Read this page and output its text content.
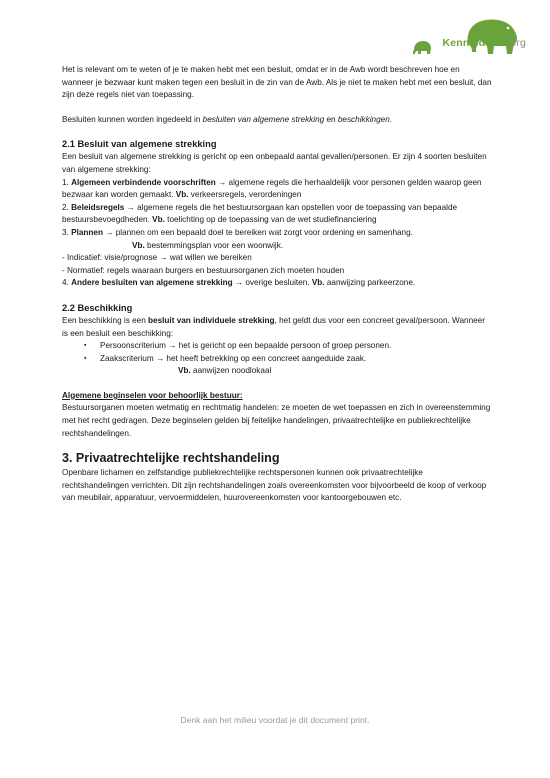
Kennisdelen.org

Het is relevant om te weten of je te maken hebt met een besluit, omdat er in de Awb wordt beschreven hoe en wanneer je bezwaar kunt maken tegen een besluit in de zin van de Awb. Als je niet te maken hebt met een besluit, dan zijn deze regels niet van toepassing.

Besluiten kunnen worden ingedeeld in besluiten van algemene strekking en beschikkingen.

2.1 Besluit van algemene strekking

Een besluit van algemene strekking is gericht op een onbepaald aantal gevallen/personen. Er zijn 4 soorten besluiten van algemene strekking:

1. Algemeen verbindende voorschriften → algemene regels die herhaaldelijk voor personen gelden waarop geen bezwaar kan worden gemaakt. Vb. verkeersregels, verordeningen

2. Beleidsregels → algemene regels die het bestuursorgaan kan opstellen voor de toepassing van bepaalde bestuursbevoegdheden. Vb. toelichting op de toepassing van de wet studiefinanciering

3. Plannen → plannen om een bepaald doel te bereiken wat zorgt voor ordening en samenhang.

Vb. bestemmingsplan voor een woonwijk.

- Indicatief: visie/prognose → wat willen we bereiken

- Normatief: regels waaraan burgers en bestuursorganen zich moeten houden

4. Andere besluiten van algemene strekking → overige besluiten. Vb. aanwijzing parkeerzone.

2.2 Beschikking

Een beschikking is een besluit van individuele strekking, het geldt dus voor een concreet geval/persoon. Wanneer is een besluit een beschikking:

▪ Persoonscriterium → het is gericht op een bepaalde persoon of groep personen.
▪ Zaakscriterium → het heeft betrekking op een concreet aangeduide zaak.

Vb. aanwijzen noodlokaal

Algemene beginselen voor behoorlijk bestuur:

Bestuursorganen moeten wetmatig en rechtmatig handelen: ze moeten de wet toepassen en zich in overeenstemming met het recht gedragen. Deze beginselen gelden bij feitelijke handelingen, privaatrechtelijke en publiekrechtelijke rechtshandelingen.

3. Privaatrechtelijke rechtshandeling

Openbare lichamen en zelfstandige publiekrechtelijke rechtspersonen kunnen ook privaatrechtelijke rechtshandelingen verrichten. Dit zijn rechtshandelingen zoals overeenkomsten voor bijvoorbeeld de koop of verkoop van meubilair, apparatuur, vervoermiddelen, huurovereenkomsten voor kantoorgebouwen etc.

Denk aan het milieu voordat je dit document print.
